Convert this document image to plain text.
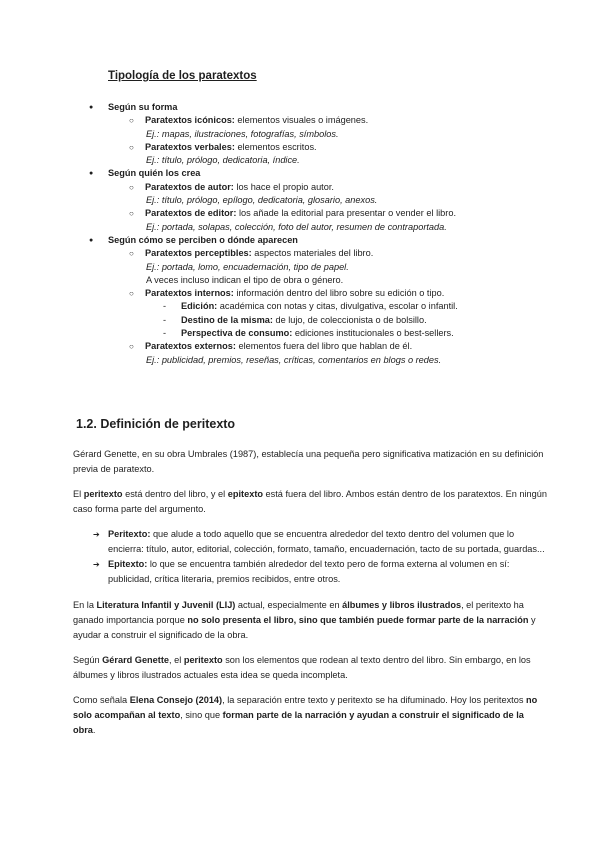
Tipología de los paratextos
● Según su forma
○ Paratextos icónicos: elementos visuales o imágenes.
Ej.: mapas, ilustraciones, fotografías, símbolos.
○ Paratextos verbales: elementos escritos.
Ej.: título, prólogo, dedicatoria, índice.
● Según quién los crea
○ Paratextos de autor: los hace el propio autor.
Ej.: título, prólogo, epílogo, dedicatoria, glosario, anexos.
○ Paratextos de editor: los añade la editorial para presentar o vender el libro.
Ej.: portada, solapas, colección, foto del autor, resumen de contraportada.
● Según cómo se perciben o dónde aparecen
○ Paratextos perceptibles: aspectos materiales del libro.
Ej.: portada, lomo, encuadernación, tipo de papel.
A veces incluso indican el tipo de obra o género.
○ Paratextos internos: información dentro del libro sobre su edición o tipo.
- Edición: académica con notas y citas, divulgativa, escolar o infantil.
- Destino de la misma: de lujo, de coleccionista o de bolsillo.
- Perspectiva de consumo: ediciones institucionales o best-sellers.
○ Paratextos externos: elementos fuera del libro que hablan de él.
Ej.: publicidad, premios, reseñas, críticas, comentarios en blogs o redes.
1.2. Definición de peritexto

Gérard Genette, en su obra Umbrales (1987), establecía una pequeña pero significativa matización en su definición previa de paratexto.

El peritexto está dentro del libro, y el epitexto está fuera del libro. Ambos están dentro de los paratextos. En ningún caso forma parte del argumento.

➔ Peritexto: que alude a todo aquello que se encuentra alrededor del texto dentro del volumen que lo encierra: título, autor, editorial, colección, formato, tamaño, encuadernación, tacto de su portada, guardas...
➔ Epitexto: lo que se encuentra también alrededor del texto pero de forma externa al volumen en sí: publicidad, crítica literaria, premios recibidos, entre otros.

En la Literatura Infantil y Juvenil (LIJ) actual, especialmente en álbumes y libros ilustrados, el peritexto ha ganado importancia porque no solo presenta el libro, sino que también puede formar parte de la narración y ayudar a construir el significado de la obra.

Según Gérard Genette, el peritexto son los elementos que rodean al texto dentro del libro. Sin embargo, en los álbumes y libros ilustrados actuales esta idea se queda incompleta.

Como señala Elena Consejo (2014), la separación entre texto y peritexto se ha difuminado. Hoy los peritextos no solo acompañan al texto, sino que forman parte de la narración y ayudan a construir el significado de la obra.
